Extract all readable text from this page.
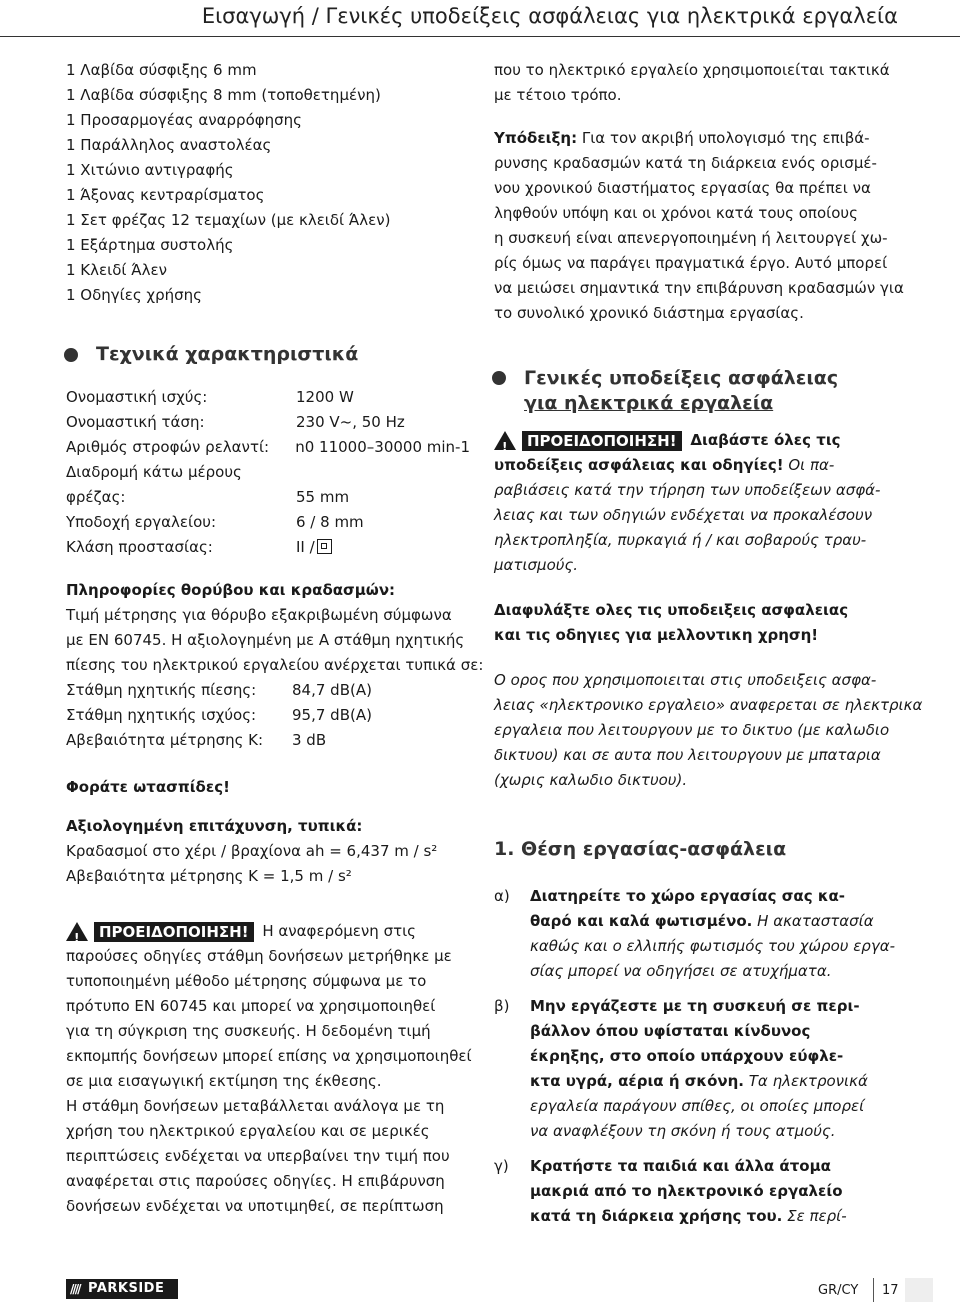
Εισαγωγή / Γενικές υποδείξεις ασφάλειας για ηλεκτρικά εργαλεία
1 Λαβίδα σύσφιξης 6 mm
1 Λαβίδα σύσφιξης 8 mm (τοποθετημένη)
1 Προσαρμογέας αναρρόφησης
1 Παράλληλος αναστολέας
1 Χιτώνιο αντιγραφής
1 Άξονας κεντραρίσματος
1 Σετ φρέζας 12 τεμαχίων (με κλειδί Άλεν)
1 Εξάρτημα συστολής
1 Κλειδί Άλεν
1 Οδηγίες χρήσης
Τεχνικά χαρακτηριστικά
Ονομαστική ισχύς:	1200 W
Ονομαστική τάση:	230 V~, 50 Hz
Αριθμός στροφών ρελαντί:	n0 11000–30000 min-1
Διαδρομή κάτω μέρους
φρέζας:	55 mm
Υποδοχή εργαλείου:	6 / 8 mm
Κλάση προστασίας:	II /
Πληροφορίες θορύβου και κραδασμών:
Τιμή μέτρησης για θόρυβο εξακριβωμένη σύμφωνα
με EN 60745. Η αξιολογημένη με A στάθμη ηχητικής
πίεσης του ηλεκτρικού εργαλείου ανέρχεται τυπικά σε:
Στάθμη ηχητικής πίεσης:	84,7 dB(A)
Στάθμη ηχητικής ισχύος:	95,7 dB(A)
Αβεβαιότητα μέτρησης K:	3 dB
Φοράτε ωτασπίδες!
Αξιολογημένη επιτάχυνση, τυπικά:
Κραδασμοί στο χέρι / βραχίονα ah = 6,437 m / s²
Αβεβαιότητα μέτρησης K = 1,5 m / s²
!	ΠΡΟΕΙΔΟΠΟΙΗΣΗ! Η αναφερόμενη στις
παρούσες οδηγίες στάθμη δονήσεων μετρήθηκε με
τυποποιημένη μέθοδο μέτρησης σύμφωνα με το
πρότυπο EN 60745 και μπορεί να χρησιμοποιηθεί
για τη σύγκριση της συσκευής. Η δεδομένη τιμή
εκπομπής δονήσεων μπορεί επίσης να χρησιμοποιηθεί
σε μια εισαγωγική εκτίμηση της έκθεσης.
Η στάθμη δονήσεων μεταβάλλεται ανάλογα με τη
χρήση του ηλεκτρικού εργαλείου και σε μερικές
περιπτώσεις ενδέχεται να υπερβαίνει την τιμή που
αναφέρεται στις παρούσες οδηγίες. Η επιβάρυνση
δονήσεων ενδέχεται να υποτιμηθεί, σε περίπτωση
που το ηλεκτρικό εργαλείο χρησιμοποιείται τακτικά
με τέτοιο τρόπο.
Υπόδειξη: Για τον ακριβή υπολογισμό της επιβά-
ρυνσης κραδασμών κατά τη διάρκεια ενός ορισμέ-
νου χρονικού διαστήματος εργασίας θα πρέπει να
ληφθούν υπόψη και οι χρόνοι κατά τους οποίους
η συσκευή είναι απενεργοποιημένη ή λειτουργεί χω-
ρίς όμως να παράγει πραγματικά έργο. Αυτό μπορεί
να μειώσει σημαντικά την επιβάρυνση κραδασμών για
το συνολικό χρονικό διάστημα εργασίας.
Γενικές υποδείξεις ασφάλειας
για ηλεκτρικά εργαλεία
!	ΠΡΟΕΙΔΟΠΟΙΗΣΗ! Διαβάστε όλες τις
υποδείξεις ασφάλειας και οδηγίες! Οι πα-
ραβιάσεις κατά την τήρηση των υποδείξεων ασφά-
λειας και των οδηγιών ενδέχεται να προκαλέσουν
ηλεκτροπληξία, πυρκαγιά ή / και σοβαρούς τραυ-
ματισμούς.
Διαφυλάξτε ολες τις υποδειξεις ασφαλειας
και τις οδηγιες για μελλοντικη χρηση!
Ο ορος που χρησιμοποιειται στις υποδειξεις ασφα-
λειας «ηλεκτρονικο εργαλειο» αναφερεται σε ηλεκτρικα
εργαλεια που λειτουργουν με το δικτυο (με καλωδιο
δικτυου) και σε αυτα που λειτουργουν με μπαταρια
(χωρις καλωδιο δικτυου).
1. Θέση εργασίας-ασφάλεια
α)	Διατηρείτε το χώρο εργασίας σας κα-
θαρό και καλά φωτισμένο. Η ακαταστασία
καθώς και ο ελλιπής φωτισμός του χώρου εργα-
σίας μπορεί να οδηγήσει σε ατυχήματα.
β)	Μην εργάζεστε με τη συσκευή σε περι-
βάλλον όπου υφίσταται κίνδυνος
έκρηξης, στο οποίο υπάρχουν εύφλε-
κτα υγρά, αέρια ή σκόνη. Τα ηλεκτρονικά
εργαλεία παράγουν σπίθες, οι οποίες μπορεί
να αναφλέξουν τη σκόνη ή τους ατμούς.
γ)	Κρατήστε τα παιδιά και άλλα άτομα
μακριά από το ηλεκτρονικό εργαλείο
κατά τη διάρκεια χρήσης του. Σε περί-
//// PARKSIDE	GR/CY 17
